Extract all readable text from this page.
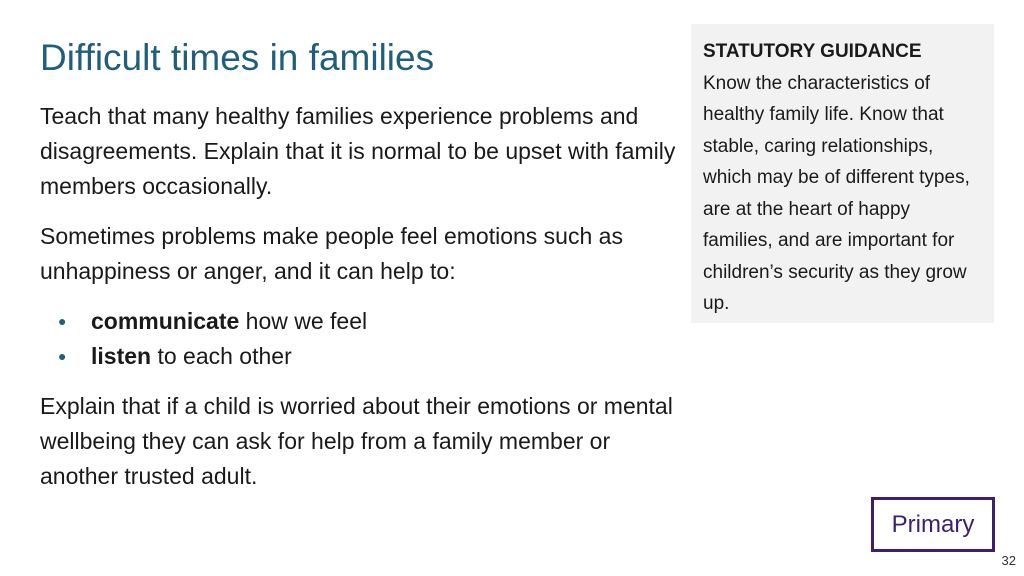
Difficult times in families

Teach that many healthy families experience problems and disagreements. Explain that it is normal to be upset with family members occasionally.

Sometimes problems make people feel emotions such as unhappiness or anger, and it can help to:

● communicate how we feel
● listen to each other

Explain that if a child is worried about their emotions or mental wellbeing they can ask for help from a family member or another trusted adult.

STATUTORY GUIDANCE
Know the characteristics of healthy family life. Know that stable, caring relationships, which may be of different types, are at the heart of happy families, and are important for children’s security as they grow up.
Primary
32
